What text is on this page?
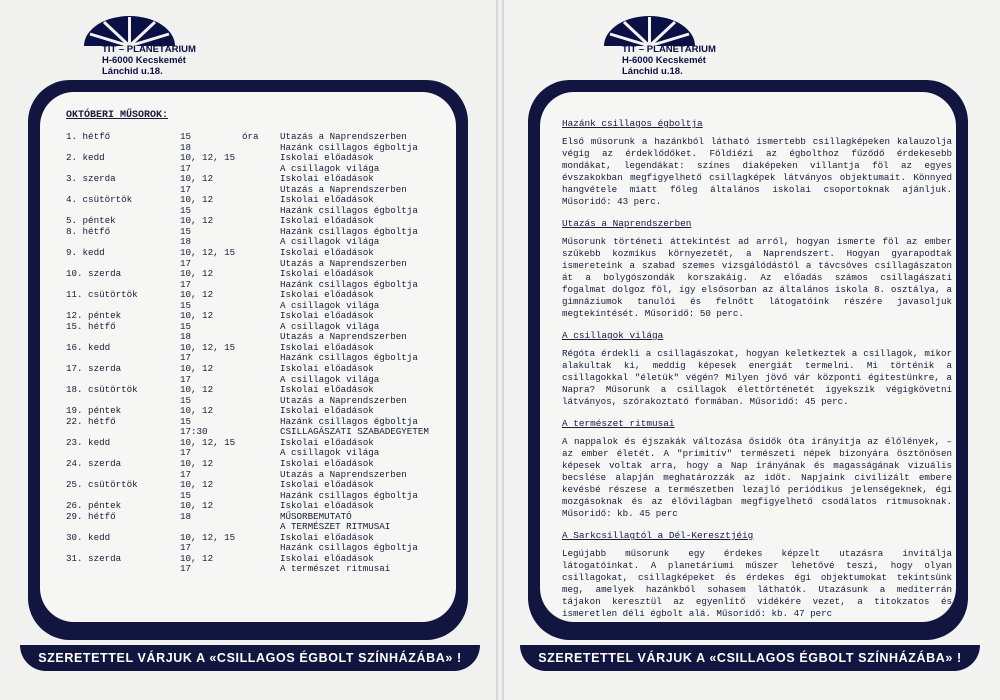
TIT – PLANETÁRIUM
H-6000 Kecskemét
Lánchid u.18.
OKTÓBERI MŰSOROK:
1. hétfő	15	óra Utazás a Naprendszerben
18	Hazánk csillagos égboltja
2. kedd	10, 12, 15	Iskolai előadások
17	A csillagok világa
3. szerda	10, 12	Iskolai előadások
17	Utazás a Naprendszerben
4. csütörtök	10, 12	Iskolai előadások
15	Hazánk csillagos égboltja
5. péntek	10, 12	Iskolai előadások
8. hétfő	15	Hazánk csillagos égboltja
18	A csillagok világa
9. kedd	10, 12, 15	Iskolai előadások
17	Utazás a Naprendszerben
10. szerda	10, 12	Iskolai előadások
17	Hazánk csillagos égboltja
11. csütörtök	10, 12	Iskolai előadások
15	A csillagok világa
12. péntek	10, 12	Iskolai előadások
15. hétfő	15	A csillagok világa
18	Utazás a Naprendszerben
16. kedd	10, 12, 15	Iskolai előadások
17	Hazánk csillagos égboltja
17. szerda	10, 12	Iskolai előadások
17	A csillagok világa
18. csütörtök	10, 12	Iskolai előadások
15	Utazás a Naprendszerben
19. péntek	10, 12	Iskolai előadások
22. hétfő	15	Hazánk csillagos égboltja
17:30	CSILLAGÁSZATI SZABADEGYETEM
23. kedd	10, 12, 15	Iskolai előadások
17	A csillagok világa
24. szerda	10, 12	Iskolai előadások
17	Utazás a Naprendszerben
25. csütörtök	10, 12	Iskolai előadások
15	Hazánk csillagos égboltja
26. péntek	10, 12	Iskolai előadások
29. hétfő	18	MŰSORBEMUTATÓ
A TERMÉSZET RITMUSAI
30. kedd	10, 12, 15	Iskolai előadások
17	Hazánk csillagos égboltja
31. szerda	10, 12	Iskolai előadások
17	A természet ritmusai
SZERETETTEL VÁRJUK A «CSILLAGOS ÉGBOLT SZÍNHÁZÁBA» !
TIT – PLANETÁRIUM
H-6000 Kecskemét
Lánchid u.18.
Hazánk csillagos égboltja

Első műsorunk a hazánkból látható ismertebb csillagképeken kalauzolja végig az érdeklődőket. Földiézi az égbolthoz fűződő érdekesebb mondákat, legendákat: színes diaképeken villantja föl az egyes évszakokban megfigyelhető csillagképek látványos objektumait. Könnyed hangvétele miatt főleg általános iskolai csoportoknak ajánljuk. Műsoridő: 43 perc.

Utazás a Naprendszerben

Műsorunk történeti áttekintést ad arról, hogyan ismerte föl az ember szűkebb kozmikus környezetét, a Naprendszert. Hogyan gyarapodtak ismereteink a szabad szemes vizsgálódástól a távcsöves csillagászaton át a bolygószondák korszakáig. Az előadás számos csillagászati fogalmat dolgoz föl, így elsősorban az általános iskola 8. osztálya, a gimnáziumok tanulói és felnőtt látogatóink részére javasoljuk megtekintését. Műsoridő: 50 perc.

A csillagok világa

Régóta érdekli a csillagászokat, hogyan keletkeztek a csillagok, mikor alakultak ki, meddig képesek energiát termelni. Mi történik a csillagokkal "életük" végén? Milyen jövő vár központi égitestünkre, a Napra? Műsorunk a csillagok élettörténetét igyekszik végigkövetni látványos, szórakoztató formában. Műsoridő: 45 perc.

A természet ritmusai

A nappalok és éjszakák változása ősidők óta irányítja az élőlények, – az ember életét. A "primitív" természeti népek bizonyára ösztönösen képesek voltak arra, hogy a Nap irányának és magasságának vizuális becslése alapján meghatározzák az időt. Napjaink civilizált embere kevésbé részese a természetben lezajló periódikus jelenségeknek, égi mozgásoknak és az élővilágban megfigyelhető csodálatos ritmusoknak. Műsoridő: kb. 45 perc

A Sarkcsillagtól a Dél-Keresztjéig

Legújabb műsorunk egy érdekes képzelt utazásra invitálja látogatóinkat. A planetáriumi műszer lehetővé teszi, hogy olyan csillagokat, csillagképeket és érdekes égi objektumokat tekintsünk meg, amelyek hazánkból sohasem láthatók. Utazásunk a mediterrán tájakon keresztül az egyenlítő vidékére vezet, a titokzatos és ismeretlen déli égbolt alá. Műsoridő: kb. 47 perc

SZERETETTEL VÁRJUK A «CSILLAGOS ÉGBOLT SZÍNHÁZÁBA» !
